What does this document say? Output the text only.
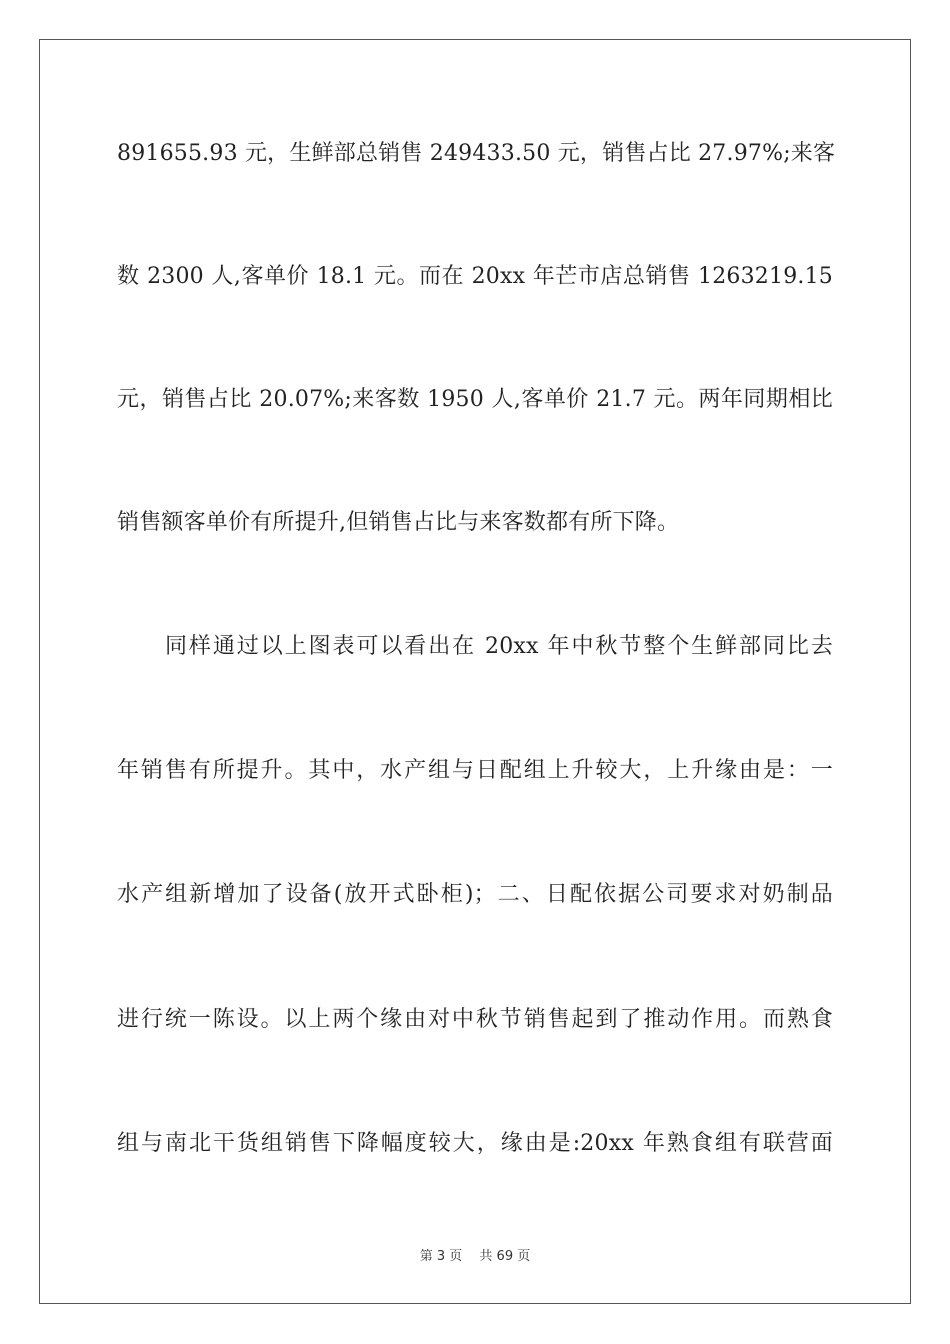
891655.93 元，生鲜部总销售 249433.50 元，销售占比 27.97%;来客
数 2300 人,客单价 18.1 元。而在 20xx 年芒市店总销售 1263219.15
元，销售占比 20.07%;来客数 1950 人,客单价 21.7 元。两年同期相比
销售额客单价有所提升,但销售占比与来客数都有所下降。
同样通过以上图表可以看出在 20xx 年中秋节整个生鲜部同比去
年销售有所提升。其中，水产组与日配组上升较大，上升缘由是：一
水产组新增加了设备(放开式卧柜)；二、日配依据公司要求对奶制品
进行统一陈设。以上两个缘由对中秋节销售起到了推动作用。而熟食
组与南北干货组销售下降幅度较大，缘由是:20xx 年熟食组有联营面
第 3 页　 共 69 页
